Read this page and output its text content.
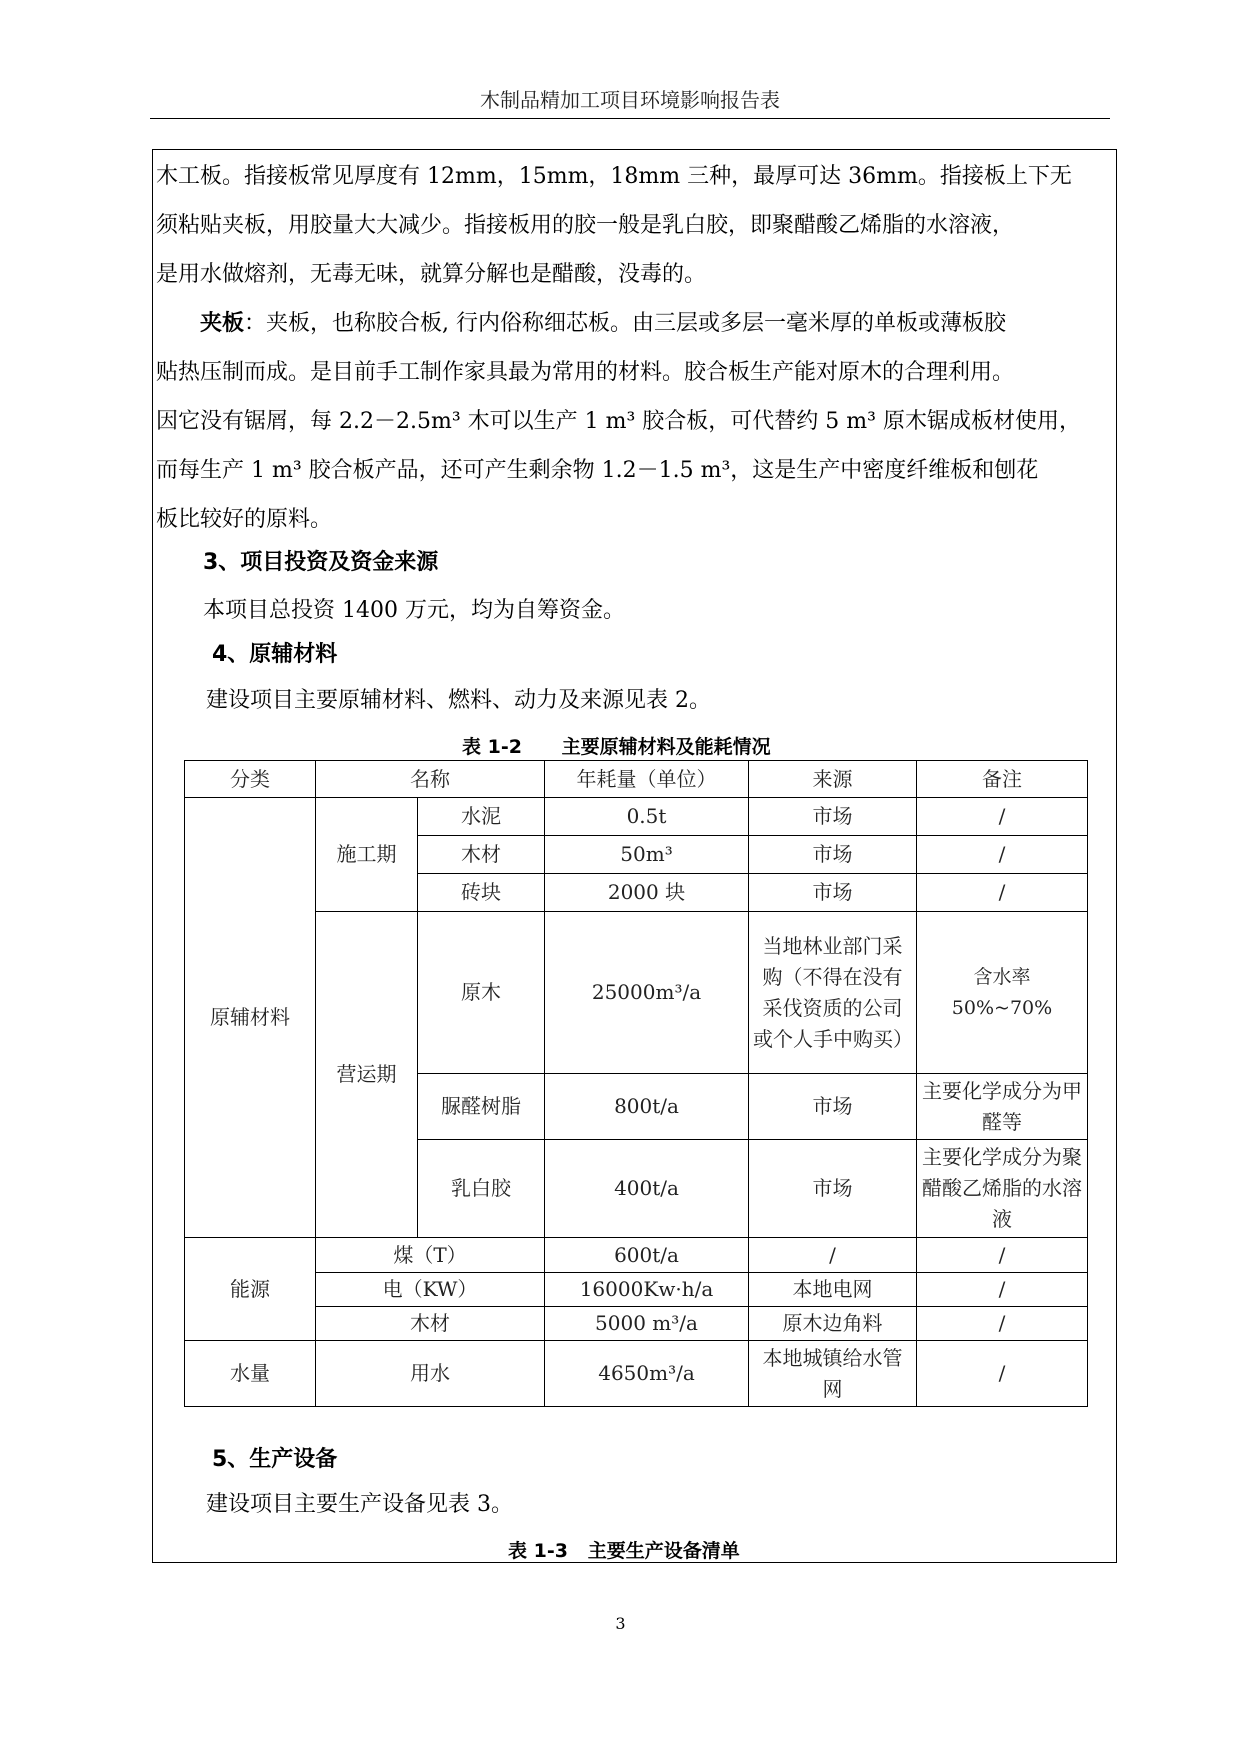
木制品精加工项目环境影响报告表

木工板。指接板常见厚度有 12mm，15mm，18mm 三种，最厚可达 36mm。指接板上下无

须粘贴夹板，用胶量大大减少。指接板用的胶一般是乳白胶，即聚醋酸乙烯脂的水溶液，

是用水做熔剂，无毒无味，就算分解也是醋酸，没毒的。

夹板：夹板，也称胶合板, 行内俗称细芯板。由三层或多层一毫米厚的单板或薄板胶

贴热压制而成。是目前手工制作家具最为常用的材料。胶合板生产能对原木的合理利用。

因它没有锯屑，每 2.2－2.5m³ 木可以生产 1 m³ 胶合板，可代替约 5 m³ 原木锯成板材使用，

而每生产 1 m³ 胶合板产品，还可产生剩余物 1.2－1.5 m³，这是生产中密度纤维板和刨花

板比较好的原料。

3、项目投资及资金来源

本项目总投资 1400 万元，均为自筹资金。

4、原辅材料

建设项目主要原辅材料、燃料、动力及来源见表 2。

表 1-2      主要原辅材料及能耗情况
分类	名称		年耗量（单位）	来源	备注
原辅材料	施工期	水泥	0.5t	市场	/
		木材	50m³	市场	/
		砖块	2000 块	市场	/
	营运期	原木	25000m³/a	当地林业部门采购（不得在没有采伐资质的公司或个人手中购买）	含水率 50%~70%
		脲醛树脂	800t/a	市场	主要化学成分为甲醛等
		乳白胶	400t/a	市场	主要化学成分为聚醋酸乙烯脂的水溶液
能源	煤（T）		600t/a	/	/
	电（KW）		16000Kw·h/a	本地电网	/
	木材		5000 m³/a	原木边角料	/
水量	用水		4650m³/a	本地城镇给水管网	/
5、生产设备

建设项目主要生产设备见表 3。

表 1-3   主要生产设备清单
3
